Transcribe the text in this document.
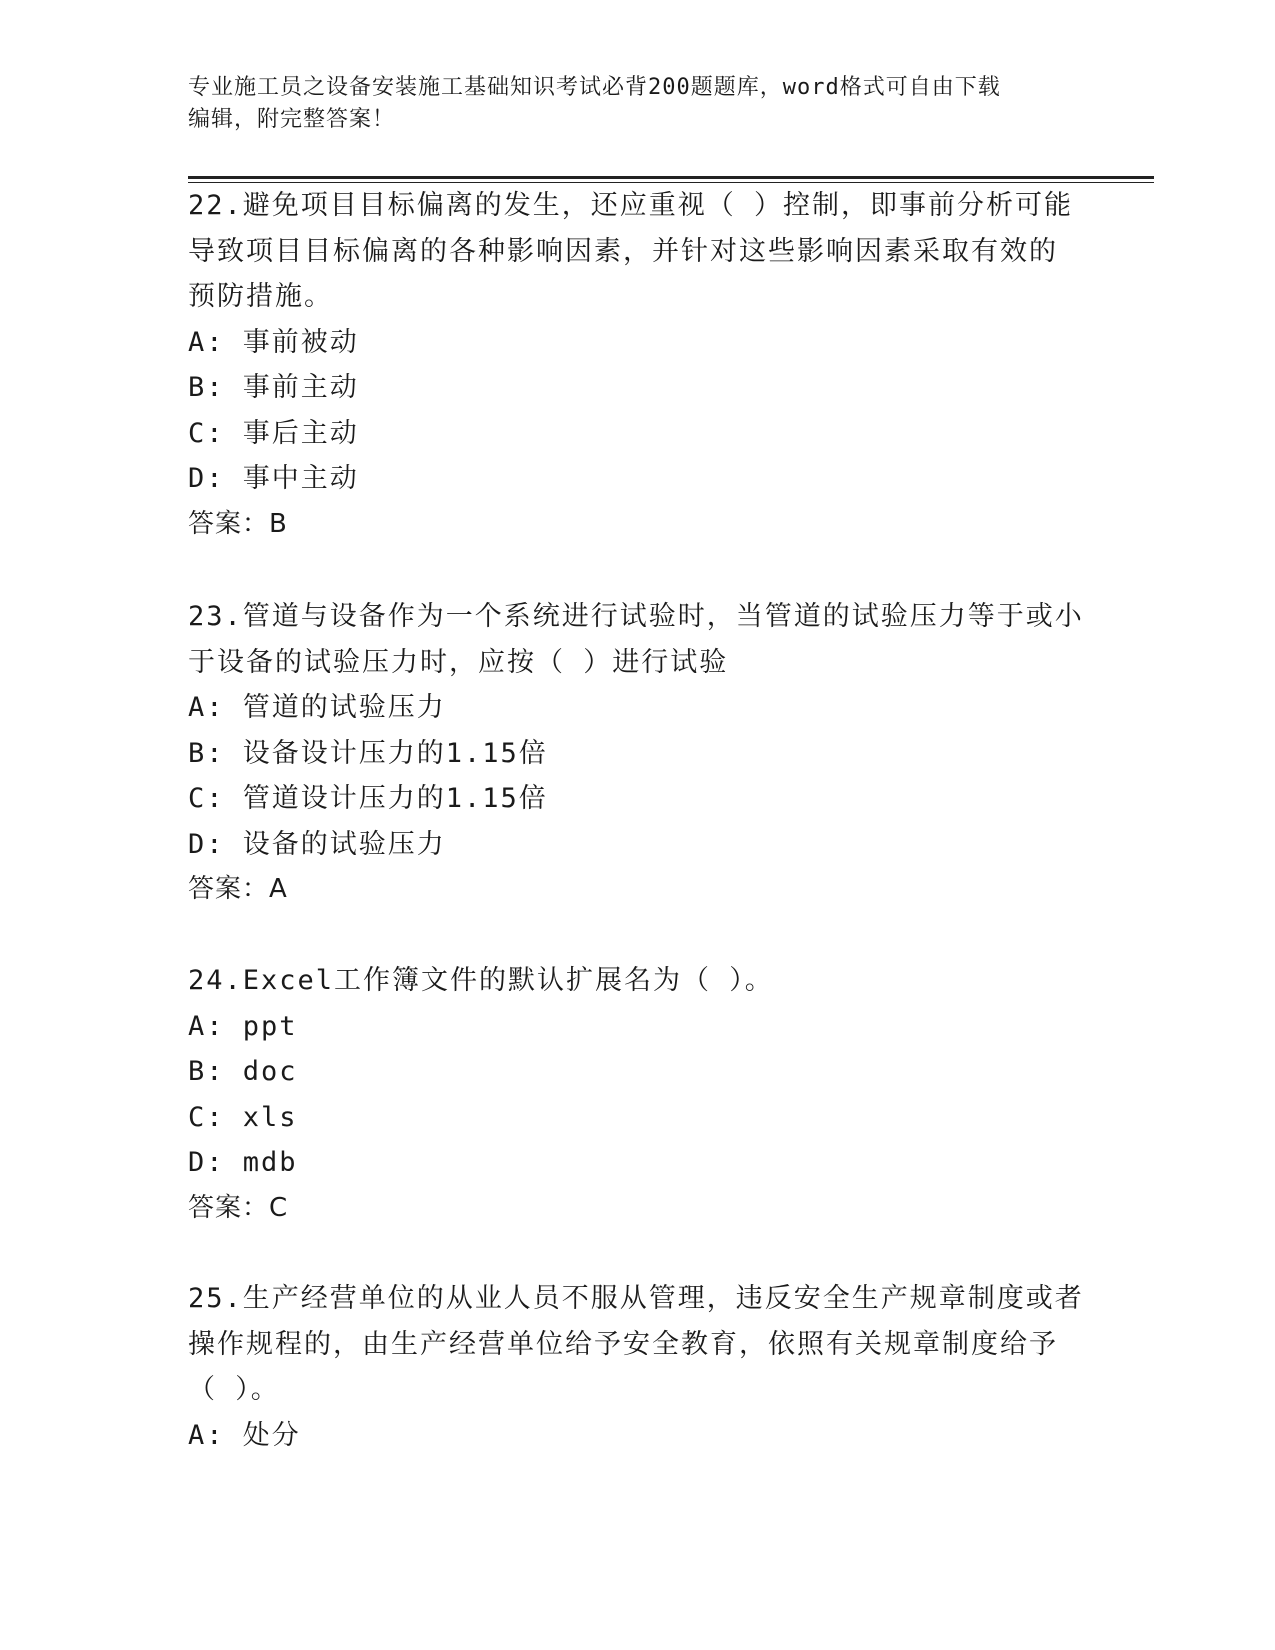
专业施工员之设备安装施工基础知识考试必背200题题库，word格式可自由下载
编辑，附完整答案！
22.避免项目目标偏离的发生，还应重视（ ）控制，即事前分析可能
导致项目目标偏离的各种影响因素，并针对这些影响因素采取有效的
预防措施。
A: 事前被动
B: 事前主动
C: 事后主动
D: 事中主动
答案：B
23.管道与设备作为一个系统进行试验时，当管道的试验压力等于或小
于设备的试验压力时，应按（ ）进行试验
A: 管道的试验压力
B: 设备设计压力的1.15倍
C: 管道设计压力的1.15倍
D: 设备的试验压力
答案：A
24.Excel工作簿文件的默认扩展名为（ ）。
A: ppt
B: doc
C: xls
D: mdb
答案：C
25.生产经营单位的从业人员不服从管理，违反安全生产规章制度或者
操作规程的，由生产经营单位给予安全教育，依照有关规章制度给予
（ ）。
A: 处分
